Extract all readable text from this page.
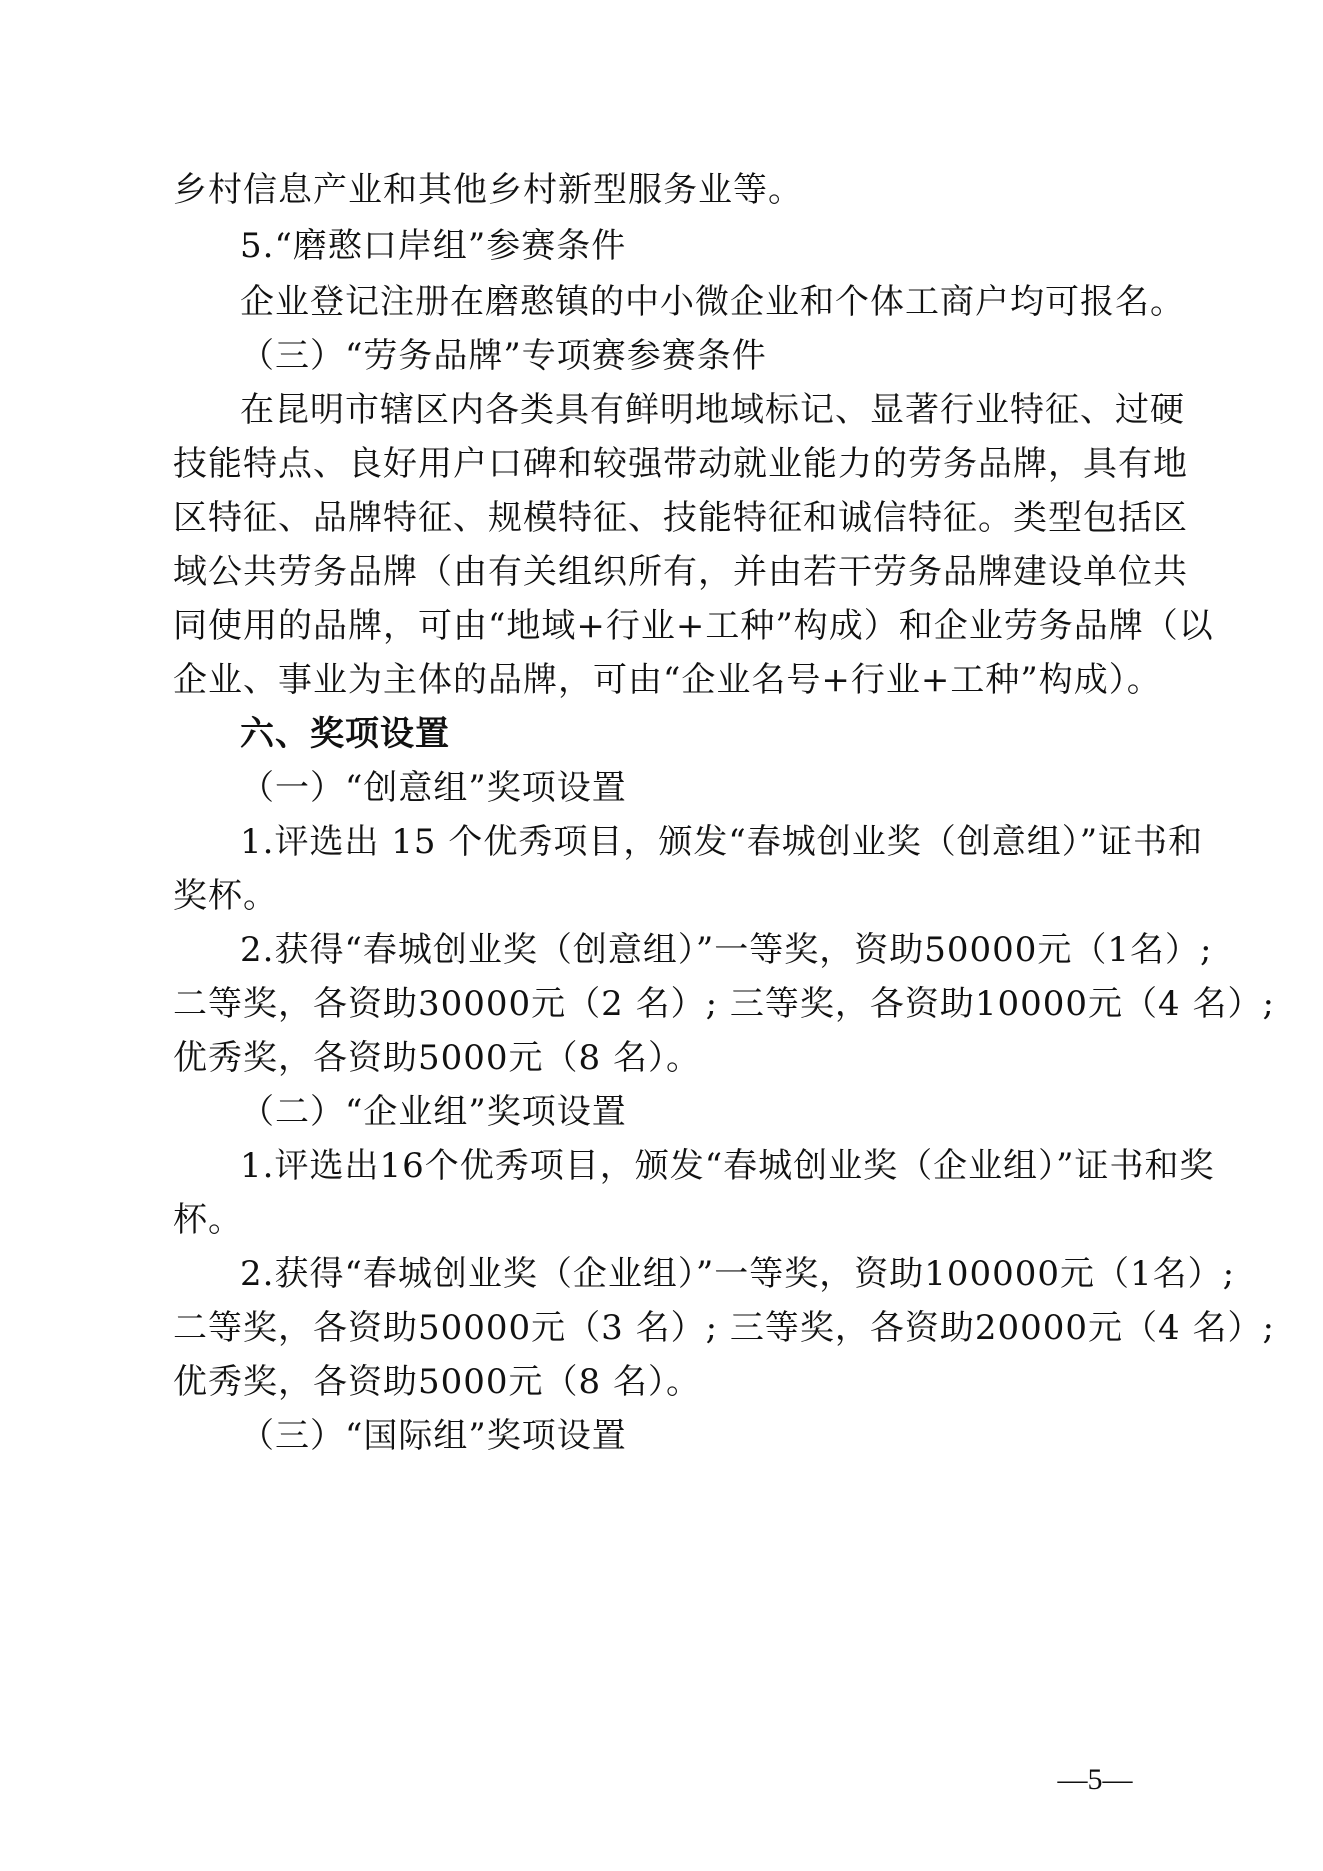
乡村信息产业和其他乡村新型服务业等。
5.“磨憨口岸组”参赛条件
企业登记注册在磨憨镇的中小微企业和个体工商户均可报名。
（三）“劳务品牌”专项赛参赛条件
在昆明市辖区内各类具有鲜明地域标记、显著行业特征、过硬
技能特点、良好用户口碑和较强带动就业能力的劳务品牌，具有地
区特征、品牌特征、规模特征、技能特征和诚信特征。类型包括区
域公共劳务品牌（由有关组织所有，并由若干劳务品牌建设单位共
同使用的品牌，可由“地域+行业+工种”构成）和企业劳务品牌（以
企业、事业为主体的品牌，可由“企业名号+行业+工种”构成）。
六、奖项设置
（一）“创意组”奖项设置
1.评选出 15 个优秀项目，颁发“春城创业奖（创意组）”证书和
奖杯。
2.获得“春城创业奖（创意组）”一等奖，资助50000元（1名）;
二等奖，各资助30000元（2 名）; 三等奖，各资助10000元（4 名）;
优秀奖，各资助5000元（8 名）。
（二）“企业组”奖项设置
1.评选出16个优秀项目，颁发“春城创业奖（企业组）”证书和奖
杯。
2.获得“春城创业奖（企业组）”一等奖，资助100000元（1名）;
二等奖，各资助50000元（3 名）; 三等奖，各资助20000元（4 名）;
优秀奖，各资助5000元（8 名）。
（三）“国际组”奖项设置
—5—
